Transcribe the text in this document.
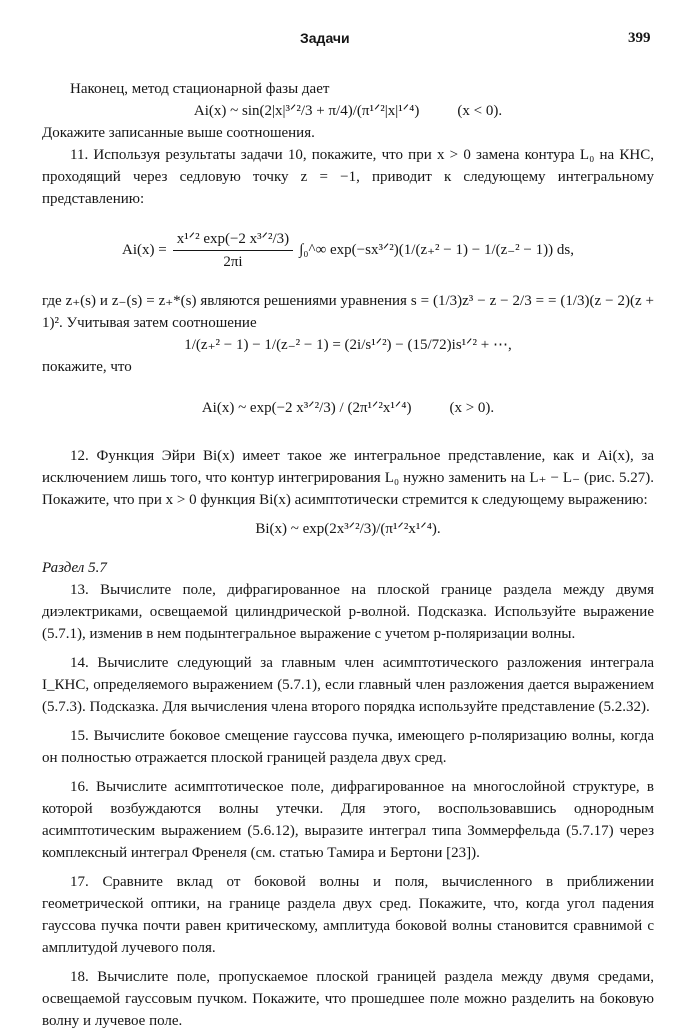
Задачи	399

Наконец, метод стационарной фазы дает

Ai(x) ~ sin(2|x|³ᐟ²/3 + π/4)/(π¹ᐟ²|x|¹ᐟ⁴)	(x < 0).

Докажите записанные выше соотношения.

11. Используя результаты задачи 10, покажите, что при x > 0 замена контура L₀ на КНС, проходящий через седловую точку z = −1, приводит к следующему интегральному представлению:

$Ai(x) = \frac{\text{x¹ᐟ² exp(−2 x³ᐟ²/3)}}{2\pi i}$ ∫₀^∞ exp(−sx³ᐟ²)(1/(z₊² − 1) − 1/(z₋² − 1)) ds,

где z₊(s) и z₋(s) = z₊*(s) являются решениями уравнения s = (1/3)z³ − z − 2/3 = = (1/3)(z − 2)(z + 1)². Учитывая затем соотношение

1/(z₊² − 1) − 1/(z₋² − 1) = (2i/s¹ᐟ²) − (15/72)is¹ᐟ² + ⋯,

покажите, что

Ai(x) ~ exp(−2 x³ᐟ²/3) / (2π¹ᐟ²x¹ᐟ⁴)	(x > 0).

12. Функция Эйри Bi(x) имеет такое же интегральное представление, как и Ai(x), за исключением лишь того, что контур интегрирования L₀ нужно заменить на L₊ − L₋ (рис. 5.27). Покажите, что при x > 0 функция Bi(x) асимптотически стремится к следующему выражению:

Bi(x) ~ exp(2x³ᐟ²/3)/(π¹ᐟ²x¹ᐟ⁴).

Раздел 5.7

13. Вычислите поле, дифрагированное на плоской границе раздела между двумя диэлектриками, освещаемой цилиндрической р-волной. Подсказка. Используйте выражение (5.7.1), изменив в нем подынтегральное выражение с учетом р-поляризации волны.

14. Вычислите следующий за главным член асимптотического разложения интеграла I_КНС, определяемого выражением (5.7.1), если главный член разложения дается выражением (5.7.3). Подсказка. Для вычисления члена второго порядка используйте представление (5.2.32).

15. Вычислите боковое смещение гауссова пучка, имеющего р-поляризацию волны, когда он полностью отражается плоской границей раздела двух сред.

16. Вычислите асимптотическое поле, дифрагированное на многослойной структуре, в которой возбуждаются волны утечки. Для этого, воспользовавшись однородным асимптотическим выражением (5.6.12), выразите интеграл типа Зоммерфельда (5.7.17) через комплексный интеграл Френеля (см. статью Тамира и Бертони [23]).

17. Сравните вклад от боковой волны и поля, вычисленного в приближении геометрической оптики, на границе раздела двух сред. Покажите, что, когда угол падения гауссова пучка почти равен критическому, амплитуда боковой волны становится сравнимой с амплитудой лучевого поля.

18. Вычислите поле, пропускаемое плоской границей раздела между двумя средами, освещаемой гауссовым пучком. Покажите, что прошедшее поле можно разделить на боковую волну и лучевое поле.
